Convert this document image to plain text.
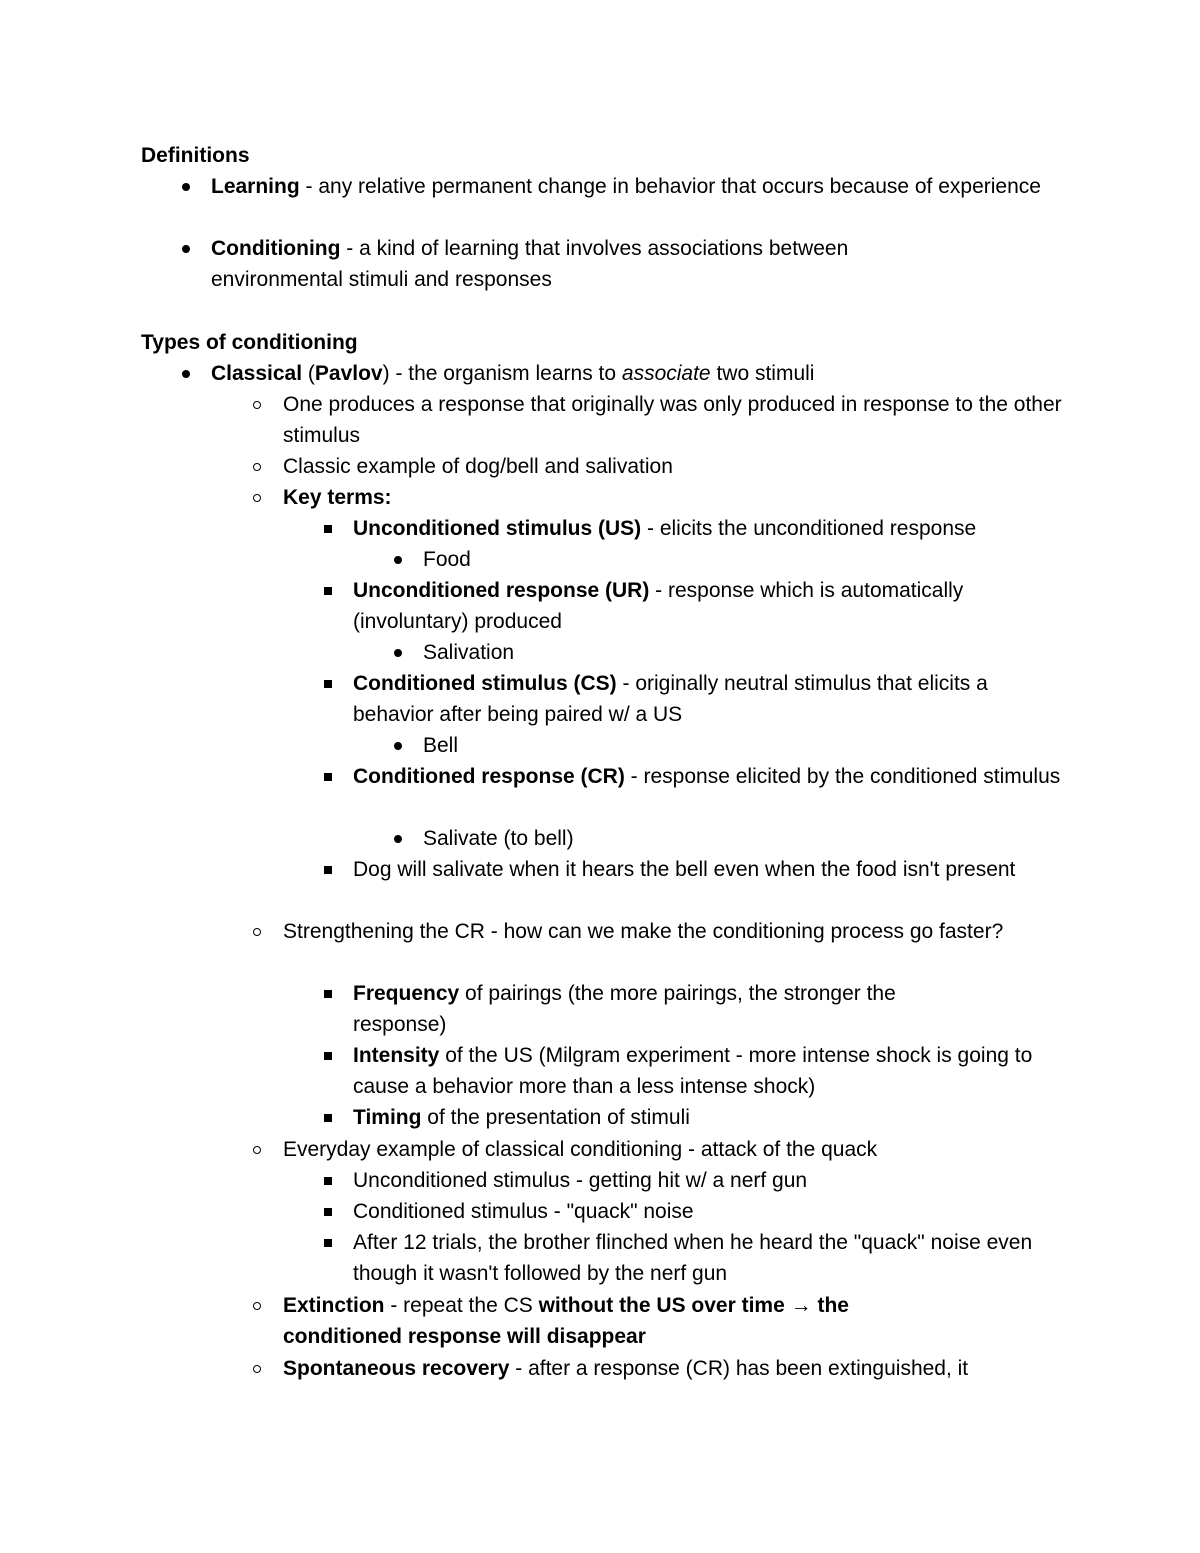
Definitions
Learning - any relative permanent change in behavior that occurs because of experience
Conditioning - a kind of learning that involves associations between environmental stimuli and responses
Types of conditioning
Classical (Pavlov) - the organism learns to associate two stimuli
One produces a response that originally was only produced in response to the other stimulus
Classic example of dog/bell and salivation
Key terms:
Unconditioned stimulus (US) - elicits the unconditioned response
Food
Unconditioned response (UR) - response which is automatically (involuntary) produced
Salivation
Conditioned stimulus (CS) - originally neutral stimulus that elicits a behavior after being paired w/ a US
Bell
Conditioned response (CR) - response elicited by the conditioned stimulus
Salivate (to bell)
Dog will salivate when it hears the bell even when the food isn't present
Strengthening the CR - how can we make the conditioning process go faster?
Frequency of pairings (the more pairings, the stronger the response)
Intensity of the US (Milgram experiment - more intense shock is going to cause a behavior more than a less intense shock)
Timing of the presentation of stimuli
Everyday example of classical conditioning - attack of the quack
Unconditioned stimulus - getting hit w/ a nerf gun
Conditioned stimulus - "quack" noise
After 12 trials, the brother flinched when he heard the "quack" noise even though it wasn't followed by the nerf gun
Extinction - repeat the CS without the US over time → the conditioned response will disappear
Spontaneous recovery - after a response (CR) has been extinguished, it
